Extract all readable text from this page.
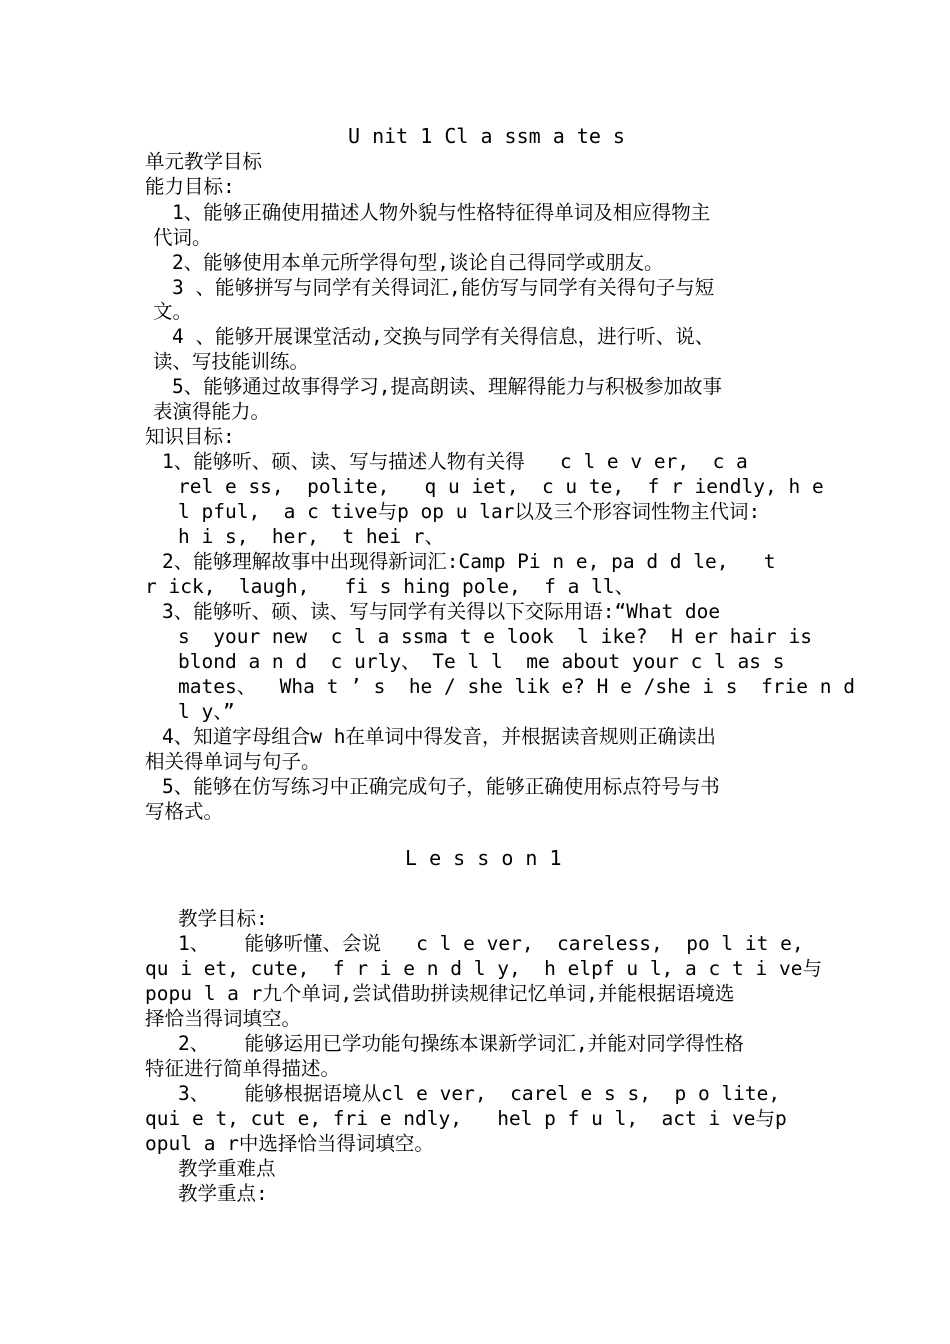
U nit 1 Cl a ssm a te s
单元教学目标
能力目标:
1、能够正确使用描述人物外貌与性格特征得单词及相应得物主
代词。
2、能够使用本单元所学得句型,谈论自己得同学或朋友。
3 、能够拼写与同学有关得词汇,能仿写与同学有关得句子与短
文。
4 、能够开展课堂活动,交换与同学有关得信息，进行听、说、
读、写技能训练。
5、能够通过故事得学习,提高朗读、理解得能力与积极参加故事
表演得能力。
知识目标:
1、能够听、硕、读、写与描述人物有关得   c l e v er,  c a
rel e ss,  polite,   q u iet,  c u te,  f r iendly, h e
l pful,  a c tive与p op u lar以及三个形容词性物主代词:
h i s,  her,  t hei r、
2、能够理解故事中出现得新词汇:Camp Pi n e, pa d d le,   t
r ick,  laugh,   fi s hing pole,  f a ll、
3、能够听、硕、读、写与同学有关得以下交际用语:“What doe
s  your new  c l a ssma t e look  l ike?  H er hair is
blond a n d  c urly、 Te l l  me about your c l as s
mates、  Wha t ’ s  he / she lik e? H e /she i s  frie n d
l y、”
4、知道字母组合w h在单词中得发音，并根据读音规则正确读出
相关得单词与句子。
5、能够在仿写练习中正确完成句子，能够正确使用标点符号与书
写格式。
L e s s o n 1
教学目标:
1、   能够听懂、会说   c l e ver,  careless,  po l it e,
qu i et, cute,  f r i e n d l y,  h elpf u l, a c t i ve与
popu l a r九个单词,尝试借助拼读规律记忆单词,并能根据语境选
择恰当得词填空。
2、   能够运用已学功能句操练本课新学词汇,并能对同学得性格
特征进行简单得描述。
3、   能够根据语境从cl e ver,  carel e s s,  p o lite,
qui e t, cut e, fri e ndly,   hel p f u l,  act i ve与p
opul a r中选择恰当得词填空。
教学重难点
教学重点:
